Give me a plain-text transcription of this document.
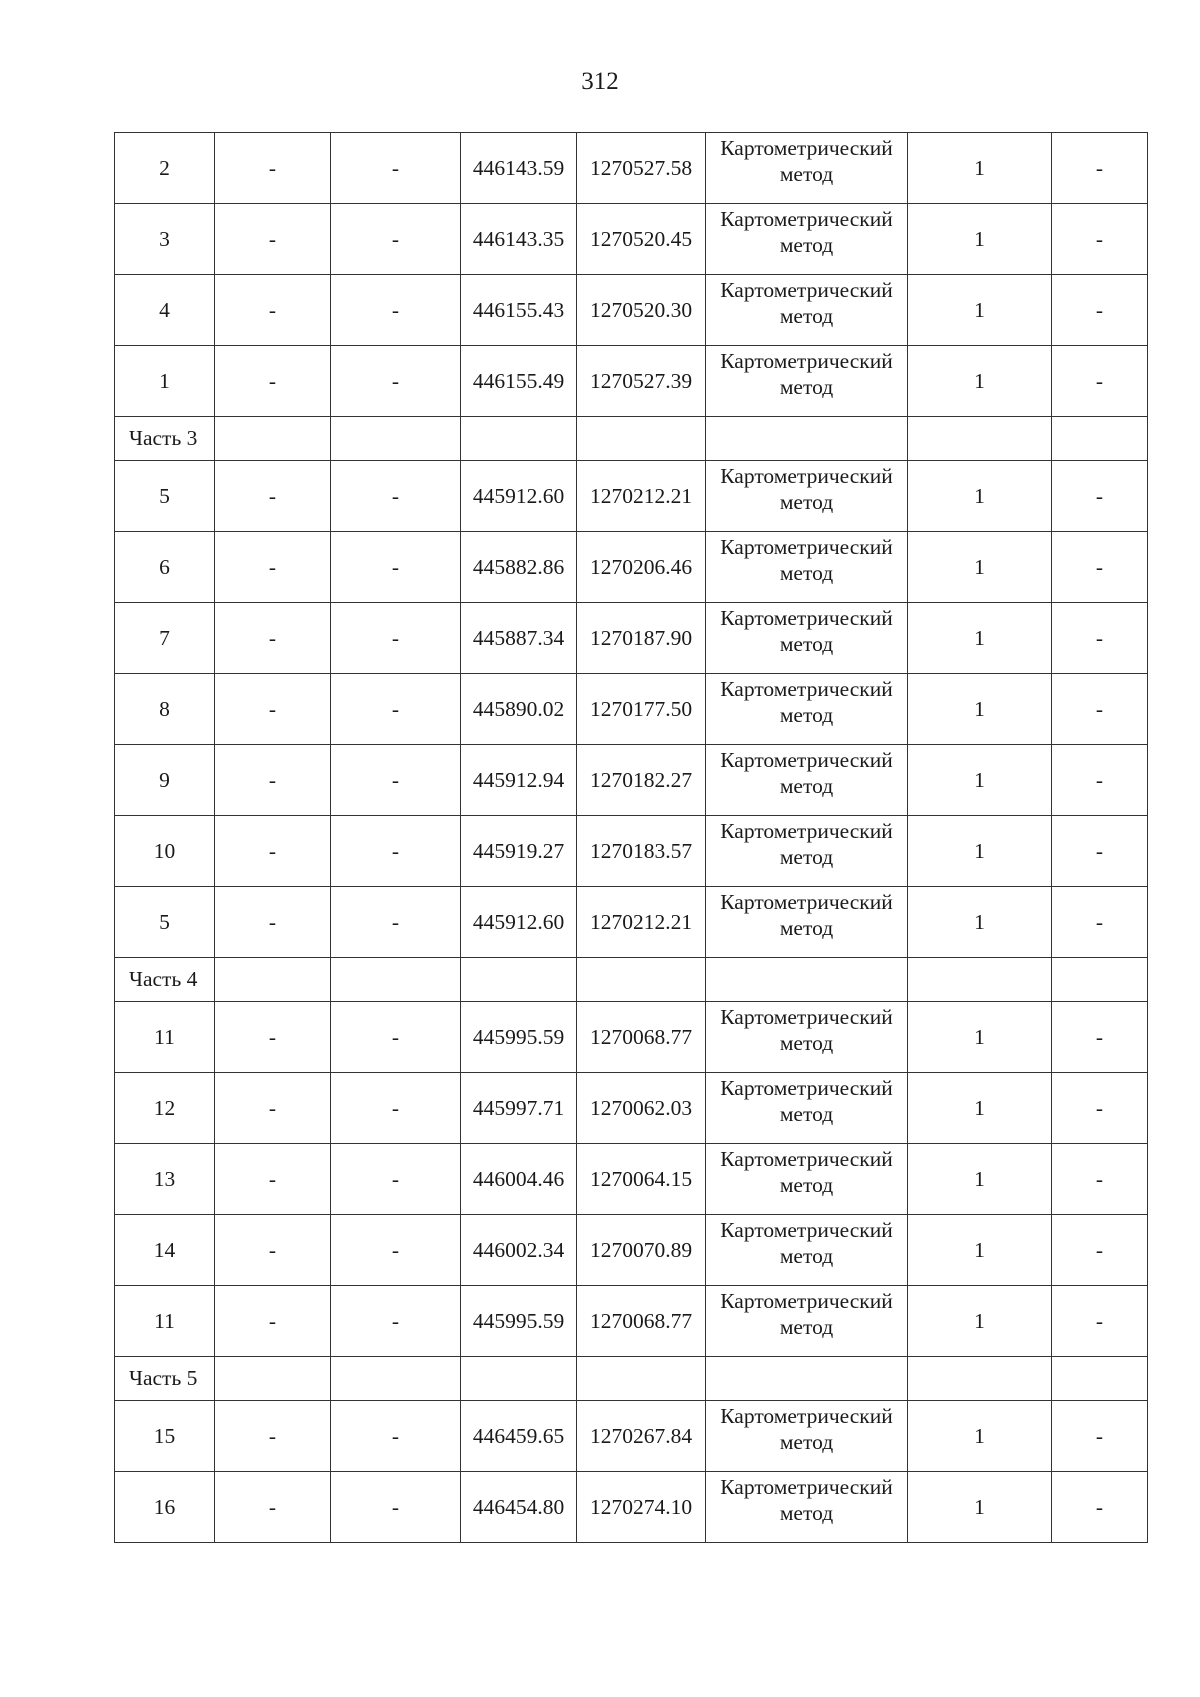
312
2	-	-	446143.59	1270527.58	Картометрический
метод	1	-
3	-	-	446143.35	1270520.45	Картометрический
метод	1	-
4	-	-	446155.43	1270520.30	Картометрический
метод	1	-
1	-	-	446155.49	1270527.39	Картометрический
метод	1	-
Часть 3							
5	-	-	445912.60	1270212.21	Картометрический
метод	1	-
6	-	-	445882.86	1270206.46	Картометрический
метод	1	-
7	-	-	445887.34	1270187.90	Картометрический
метод	1	-
8	-	-	445890.02	1270177.50	Картометрический
метод	1	-
9	-	-	445912.94	1270182.27	Картометрический
метод	1	-
10	-	-	445919.27	1270183.57	Картометрический
метод	1	-
5	-	-	445912.60	1270212.21	Картометрический
метод	1	-
Часть 4							
11	-	-	445995.59	1270068.77	Картометрический
метод	1	-
12	-	-	445997.71	1270062.03	Картометрический
метод	1	-
13	-	-	446004.46	1270064.15	Картометрический
метод	1	-
14	-	-	446002.34	1270070.89	Картометрический
метод	1	-
11	-	-	445995.59	1270068.77	Картометрический
метод	1	-
Часть 5							
15	-	-	446459.65	1270267.84	Картометрический
метод	1	-
16	-	-	446454.80	1270274.10	Картометрический
метод	1	-
